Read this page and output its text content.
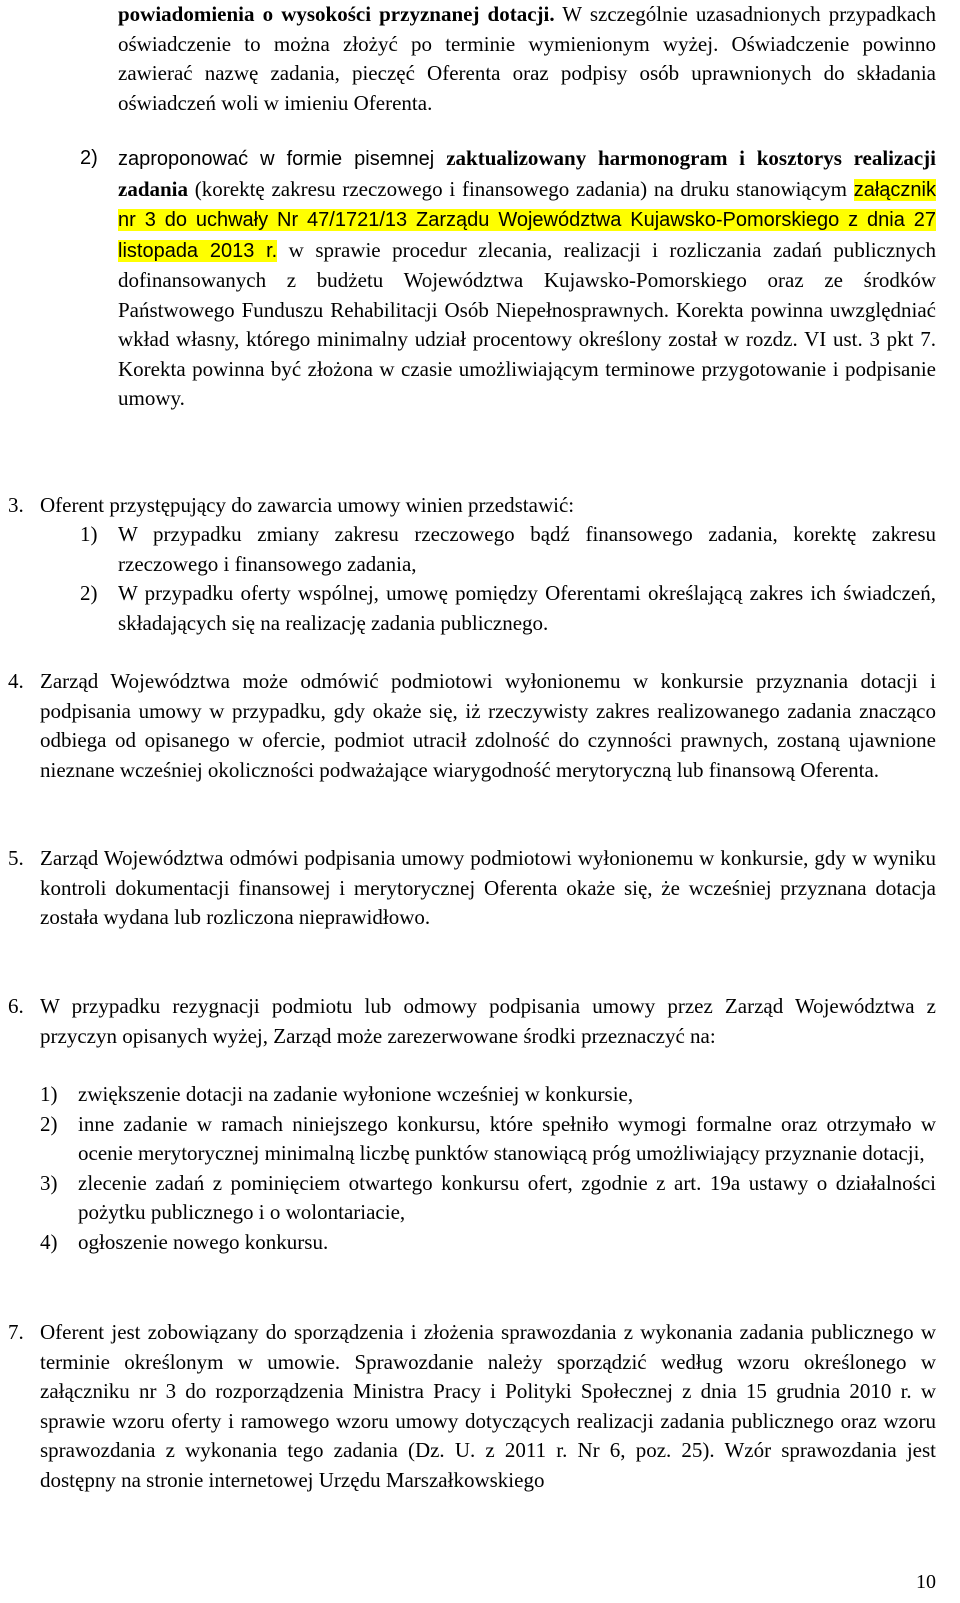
powiadomienia o wysokości przyznanej dotacji. W szczególnie uzasadnionych przypadkach oświadczenie to można złożyć po terminie wymienionym wyżej. Oświadczenie powinno zawierać nazwę zadania, pieczęć Oferenta oraz podpisy osób uprawnionych do składania oświadczeń woli w imieniu Oferenta.

2) zaproponować w formie pisemnej zaktualizowany harmonogram i kosztorys realizacji zadania (korektę zakresu rzeczowego i finansowego zadania) na druku stanowiącym załącznik nr 3 do uchwały Nr 47/1721/13 Zarządu Województwa Kujawsko-Pomorskiego z dnia 27 listopada 2013 r. w sprawie procedur zlecania, realizacji i rozliczania zadań publicznych dofinansowanych z budżetu Województwa Kujawsko-Pomorskiego oraz ze środków Państwowego Funduszu Rehabilitacji Osób Niepełnosprawnych. Korekta powinna uwzględniać wkład własny, którego minimalny udział procentowy określony został w rozdz. VI ust. 3 pkt 7. Korekta powinna być złożona w czasie umożliwiającym terminowe przygotowanie i podpisanie umowy.
3. Oferent przystępujący do zawarcia umowy winien przedstawić:
1) W przypadku zmiany zakresu rzeczowego bądź finansowego zadania, korektę zakresu rzeczowego i finansowego zadania,
2) W przypadku oferty wspólnej, umowę pomiędzy Oferentami określającą zakres ich świadczeń, składających się na realizację zadania publicznego.
4. Zarząd Województwa może odmówić podmiotowi wyłonionemu w konkursie przyznania dotacji i podpisania umowy w przypadku, gdy okaże się, iż rzeczywisty zakres realizowanego zadania znacząco odbiega od opisanego w ofercie, podmiot utracił zdolność do czynności prawnych, zostaną ujawnione nieznane wcześniej okoliczności podważające wiarygodność merytoryczną lub finansową Oferenta.
5. Zarząd Województwa odmówi podpisania umowy podmiotowi wyłonionemu w konkursie, gdy w wyniku kontroli dokumentacji finansowej i merytorycznej Oferenta okaże się, że wcześniej przyznana dotacja została wydana lub rozliczona nieprawidłowo.
6. W przypadku rezygnacji podmiotu lub odmowy podpisania umowy przez Zarząd Województwa z przyczyn opisanych wyżej, Zarząd może zarezerwowane środki przeznaczyć na:
1) zwiększenie dotacji na zadanie wyłonione wcześniej w konkursie,
2) inne zadanie w ramach niniejszego konkursu, które spełniło wymogi formalne oraz otrzymało w ocenie merytorycznej minimalną liczbę punktów stanowiącą próg umożliwiający przyznanie dotacji,
3) zlecenie zadań z pominięciem otwartego konkursu ofert, zgodnie z art. 19a ustawy o działalności pożytku publicznego i o wolontariacie,
4) ogłoszenie nowego konkursu.
7. Oferent jest zobowiązany do sporządzenia i złożenia sprawozdania z wykonania zadania publicznego w terminie określonym w umowie. Sprawozdanie należy sporządzić według wzoru określonego w załączniku nr 3 do rozporządzenia Ministra Pracy i Polityki Społecznej z dnia 15 grudnia 2010 r. w sprawie wzoru oferty i ramowego wzoru umowy dotyczących realizacji zadania publicznego oraz wzoru sprawozdania z wykonania tego zadania (Dz. U. z 2011 r. Nr 6, poz. 25). Wzór sprawozdania jest dostępny na stronie internetowej Urzędu Marszałkowskiego
10
